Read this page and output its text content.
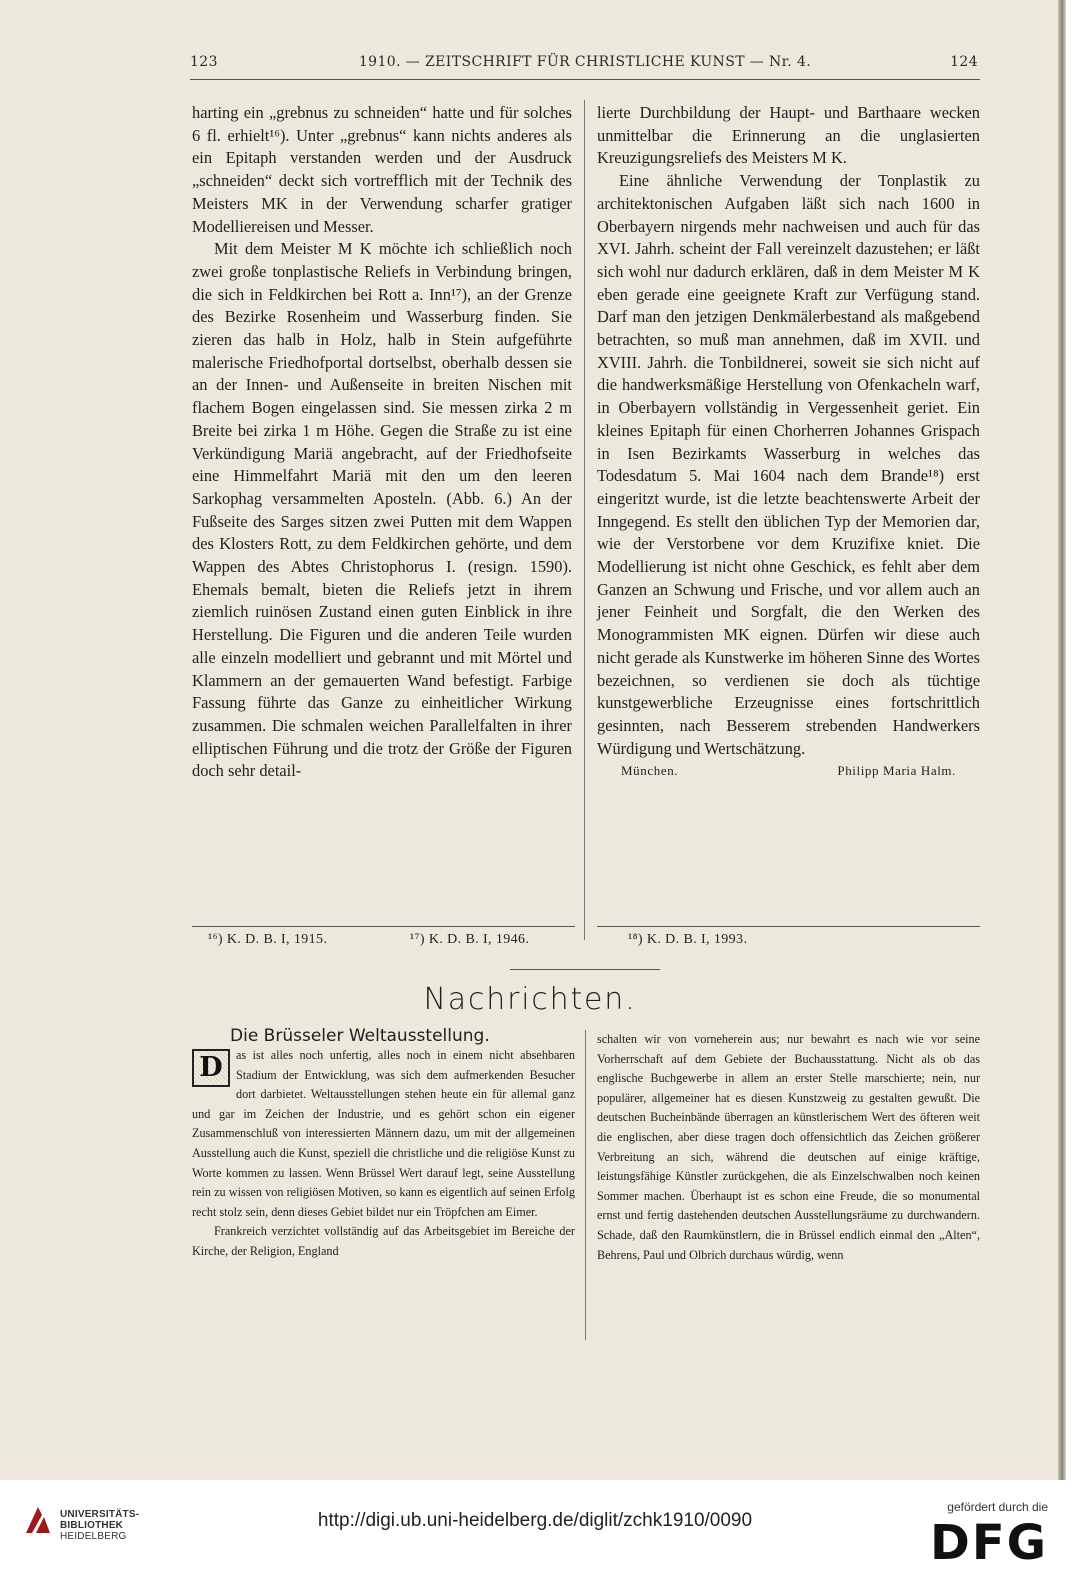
123	1910. — ZEITSCHRIFT FÜR CHRISTLICHE KUNST — Nr. 4.	124

harting ein „grebnus zu schneiden“ hatte und für solches 6 fl. erhielt¹⁶). Unter „grebnus“ kann nichts anderes als ein Epitaph verstanden werden und der Ausdruck „schneiden“ deckt sich vortrefflich mit der Technik des Meisters MK in der Verwendung scharfer gratiger Modelliereisen und Messer.

Mit dem Meister M K möchte ich schließlich noch zwei große tonplastische Reliefs in Verbindung bringen, die sich in Feldkirchen bei Rott a. Inn¹⁷), an der Grenze des Bezirke Rosenheim und Wasserburg finden. Sie zieren das halb in Holz, halb in Stein aufgeführte malerische Friedhofportal dortselbst, oberhalb dessen sie an der Innen- und Außenseite in breiten Nischen mit flachem Bogen eingelassen sind. Sie messen zirka 2 m Breite bei zirka 1 m Höhe. Gegen die Straße zu ist eine Verkündigung Mariä angebracht, auf der Friedhofseite eine Himmelfahrt Mariä mit den um den leeren Sarkophag versammelten Aposteln. (Abb. 6.) An der Fußseite des Sarges sitzen zwei Putten mit dem Wappen des Klosters Rott, zu dem Feldkirchen gehörte, und dem Wappen des Abtes Christophorus I. (resign. 1590). Ehemals bemalt, bieten die Reliefs jetzt in ihrem ziemlich ruinösen Zustand einen guten Einblick in ihre Herstellung. Die Figuren und die anderen Teile wurden alle einzeln modelliert und gebrannt und mit Mörtel und Klammern an der gemauerten Wand befestigt. Farbige Fassung führte das Ganze zu einheitlicher Wirkung zusammen. Die schmalen weichen Parallelfalten in ihrer elliptischen Führung und die trotz der Größe der Figuren doch sehr detail-

lierte Durchbildung der Haupt- und Barthaare wecken unmittelbar die Erinnerung an die unglasierten Kreuzigungsreliefs des Meisters M K.

Eine ähnliche Verwendung der Tonplastik zu architektonischen Aufgaben läßt sich nach 1600 in Oberbayern nirgends mehr nachweisen und auch für das XVI. Jahrh. scheint der Fall vereinzelt dazustehen; er läßt sich wohl nur dadurch erklären, daß in dem Meister M K eben gerade eine geeignete Kraft zur Verfügung stand. Darf man den jetzigen Denkmälerbestand als maßgebend betrachten, so muß man annehmen, daß im XVII. und XVIII. Jahrh. die Tonbildnerei, soweit sie sich nicht auf die handwerksmäßige Herstellung von Ofenkacheln warf, in Oberbayern vollständig in Vergessenheit geriet. Ein kleines Epitaph für einen Chorherren Johannes Grispach in Isen Bezirkamts Wasserburg in welches das Todesdatum 5. Mai 1604 nach dem Brande¹⁸) erst eingeritzt wurde, ist die letzte beachtenswerte Arbeit der Inngegend. Es stellt den üblichen Typ der Memorien dar, wie der Verstorbene vor dem Kruzifixe kniet. Die Modellierung ist nicht ohne Geschick, es fehlt aber dem Ganzen an Schwung und Frische, und vor allem auch an jener Feinheit und Sorgfalt, die den Werken des Monogrammisten MK eignen. Dürfen wir diese auch nicht gerade als Kunstwerke im höheren Sinne des Wortes bezeichnen, so verdienen sie doch als tüchtige kunstgewerbliche Erzeugnisse eines fortschrittlich gesinnten, nach Besserem strebenden Handwerkers Würdigung und Wertschätzung.

München.	Philipp Maria Halm.
¹⁶) K. D. B. I, 1915.	¹⁷) K. D. B. I, 1946.	¹⁸) K. D. B. I, 1993.
Nachrichten.
Die Brüsseler Weltausstellung.

D	as ist alles noch unfertig, alles noch in einem nicht absehbaren Stadium der Entwicklung, was sich dem aufmerkenden Besucher dort darbietet. Weltausstellungen stehen heute ein für allemal ganz und gar im Zeichen der Industrie, und es gehört schon ein eigener Zusammenschluß von interessierten Männern dazu, um mit der allgemeinen Ausstellung auch die Kunst, speziell die christliche und die religiöse Kunst zu Worte kommen zu lassen. Wenn Brüssel Wert darauf legt, seine Ausstellung rein zu wissen von religiösen Motiven, so kann es eigentlich auf seinen Erfolg recht stolz sein, denn dieses Gebiet bildet nur ein Tröpfchen am Eimer.

Frankreich verzichtet vollständig auf das Arbeitsgebiet im Bereiche der Kirche, der Religion, England

schalten wir von vorneherein aus; nur bewahrt es nach wie vor seine Vorherrschaft auf dem Gebiete der Buchausstattung. Nicht als ob das englische Buchgewerbe in allem an erster Stelle marschierte; nein, nur populärer, allgemeiner hat es diesen Kunstzweig zu gestalten gewußt. Die deutschen Bucheinbände überragen an künstlerischem Wert des öfteren weit die englischen, aber diese tragen doch offensichtlich das Zeichen größerer Verbreitung an sich, während die deutschen auf einige kräftige, leistungsfähige Künstler zurückgehen, die als Einzelschwalben noch keinen Sommer machen. Überhaupt ist es schon eine Freude, die so monumental ernst und fertig dastehenden deutschen Ausstellungsräume zu durchwandern. Schade, daß den Raumkünstlern, die in Brüssel endlich einmal den „Alten“, Behrens, Paul und Olbrich durchaus würdig, wenn

UNIVERSITÄTS-
BIBLIOTHEK
HEIDELBERG
http://digi.ub.uni-heidelberg.de/diglit/zchk1910/0090
gefördert durch die
DFG
